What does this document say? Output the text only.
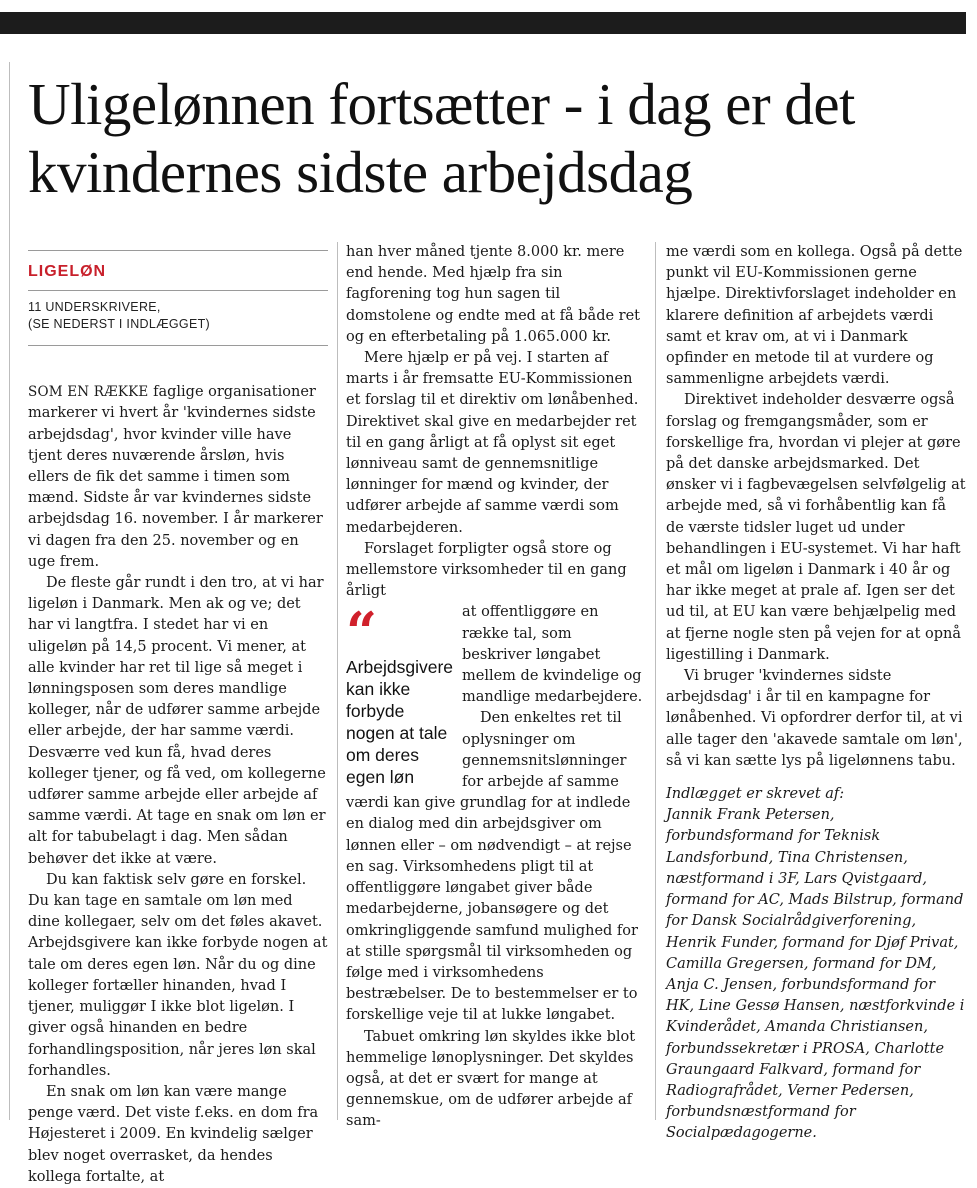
Uligelønnen fortsætter - i dag er det kvindernes sidste arbejdsdag

LIGELØN

11 UNDERSKRIVERE,
(SE NEDERST I INDLÆGGET)

SOM EN RÆKKE faglige organisationer markerer vi hvert år 'kvindernes sidste arbejdsdag', hvor kvinder ville have tjent deres nuværende årsløn, hvis ellers de fik det samme i timen som mænd. Sidste år var kvindernes sidste arbejdsdag 16. november. I år markerer vi dagen fra den 25. november og en uge frem.

De fleste går rundt i den tro, at vi har ligeløn i Danmark. Men ak og ve; det har vi langtfra. I stedet har vi en uligeløn på 14,5 procent. Vi mener, at alle kvinder har ret til lige så meget i lønningsposen som deres mandlige kolleger, når de udfører samme arbejde eller arbejde, der har samme værdi. Desværre ved kun få, hvad deres kolleger tjener, og få ved, om kollegerne udfører samme arbejde eller arbejde af samme værdi. At tage en snak om løn er alt for tabubelagt i dag. Men sådan behøver det ikke at være.

Du kan faktisk selv gøre en forskel. Du kan tage en samtale om løn med dine kollegaer, selv om det føles akavet. Arbejdsgivere kan ikke forbyde nogen at tale om deres egen løn. Når du og dine kolleger fortæller hinanden, hvad I tjener, muliggør I ikke blot ligeløn. I giver også hinanden en bedre forhandlingsposition, når jeres løn skal forhandles.

En snak om løn kan være mange penge værd. Det viste f.eks. en dom fra Højesteret i 2009. En kvindelig sælger blev noget overrasket, da hendes kollega fortalte, at

han hver måned tjente 8.000 kr. mere end hende. Med hjælp fra sin fagforening tog hun sagen til domstolene og endte med at få både ret og en efterbetaling på 1.065.000 kr.

Mere hjælp er på vej. I starten af marts i år fremsatte EU-Kommissionen et forslag til et direktiv om lønåbenhed. Direktivet skal give en medarbejder ret til en gang årligt at få oplyst sit eget lønniveau samt de gennemsnitlige lønninger for mænd og kvinder, der udfører arbejde af samme værdi som medarbejderen.

Forslaget forpligter også store og mellemstore virksomheder til en gang årligt

“
Arbejdsgivere kan ikke forbyde nogen at tale om deres egen løn

at offentliggøre en række tal, som beskriver løngabet mellem de kvindelige og mandlige medarbejdere.

Den enkeltes ret til oplysninger om gennemsnitslønninger for arbejde af samme værdi kan give grundlag for at indlede en dialog med din arbejdsgiver om lønnen eller – om nødvendigt – at rejse en sag. Virksomhedens pligt til at offentliggøre løngabet giver både medarbejderne, jobansøgere og det omkringliggende samfund mulighed for at stille spørgsmål til virksomheden og følge med i virksomhedens bestræbelser. De to bestemmelser er to forskellige veje til at lukke løngabet.

Tabuet omkring løn skyldes ikke blot hemmelige lønoplysninger. Det skyldes også, at det er svært for mange at gennemskue, om de udfører arbejde af sam-

me værdi som en kollega. Også på dette punkt vil EU-Kommissionen gerne hjælpe. Direktivforslaget indeholder en klarere definition af arbejdets værdi samt et krav om, at vi i Danmark opfinder en metode til at vurdere og sammenligne arbejdets værdi.

Direktivet indeholder desværre også forslag og fremgangsmåder, som er forskellige fra, hvordan vi plejer at gøre på det danske arbejdsmarked. Det ønsker vi i fagbevægelsen selvfølgelig at arbejde med, så vi forhåbentlig kan få de værste tidsler luget ud under behandlingen i EU-systemet. Vi har haft et mål om ligeløn i Danmark i 40 år og har ikke meget at prale af. Igen ser det ud til, at EU kan være behjælpelig med at fjerne nogle sten på vejen for at opnå ligestilling i Danmark.

Vi bruger 'kvindernes sidste arbejdsdag' i år til en kampagne for lønåbenhed. Vi opfordrer derfor til, at vi alle tager den 'akavede samtale om løn', så vi kan sætte lys på ligelønnens tabu.

Indlægget er skrevet af:

Jannik Frank Petersen, forbundsformand for Teknisk Landsforbund, Tina Christensen, næstformand i 3F, Lars Qvistgaard, formand for AC, Mads Bilstrup, formand for Dansk Socialrådgiverforening, Henrik Funder, formand for Djøf Privat, Camilla Gregersen, formand for DM, Anja C. Jensen, forbundsformand for HK, Line Gessø Hansen, næstforkvinde i Kvinderådet, Amanda Christiansen, forbundssekretær i PROSA, Charlotte Graungaard Falkvard, formand for Radiografrådet, Verner Pedersen, forbundsnæstformand for Socialpædagogerne.
